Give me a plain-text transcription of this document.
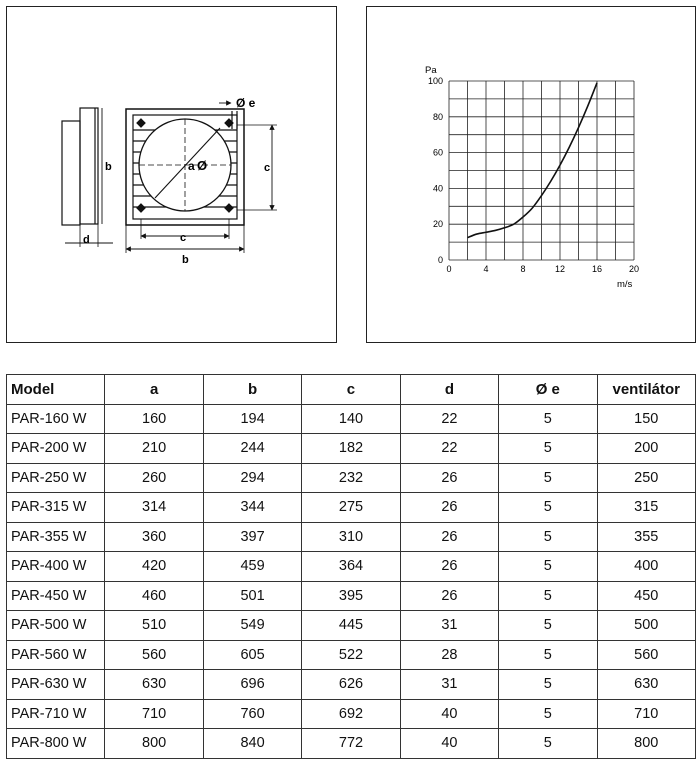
b
d
c
c
b
a Ø
Ø e
0	4	8	12	16	20
0
20
40
60
80
100
Pa
m/s
Model	a	b	c	d	Ø e	ventilátor
PAR-160 W	160	194	140	22	5	150
PAR-200 W	210	244	182	22	5	200
PAR-250 W	260	294	232	26	5	250
PAR-315 W	314	344	275	26	5	315
PAR-355 W	360	397	310	26	5	355
PAR-400 W	420	459	364	26	5	400
PAR-450 W	460	501	395	26	5	450
PAR-500 W	510	549	445	31	5	500
PAR-560 W	560	605	522	28	5	560
PAR-630 W	630	696	626	31	5	630
PAR-710 W	710	760	692	40	5	710
PAR-800 W	800	840	772	40	5	800
